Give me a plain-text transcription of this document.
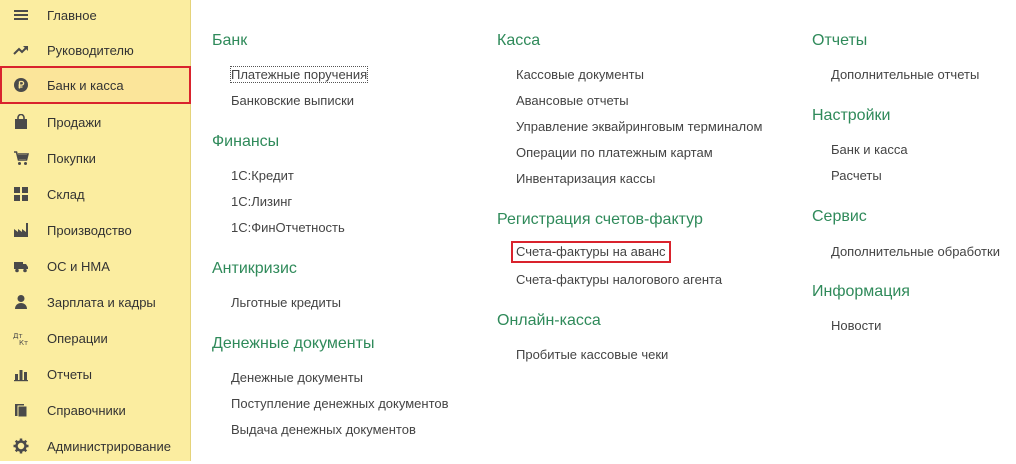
Главное
Руководителю
Банк и касса
Продажи
Покупки
Склад
Производство
ОС и НМА
Зарплата и кадры
Дт
Кт Операции
Отчеты
Справочники
Администрирование
Банк
Платежные поручения
Банковские выписки
Финансы
1С:Кредит
1С:Лизинг
1С:ФинОтчетность
Антикризис
Льготные кредиты
Денежные документы
Денежные документы
Поступление денежных документов
Выдача денежных документов
Касса
Кассовые документы
Авансовые отчеты
Управление эквайринговым терминалом
Операции по платежным картам
Инвентаризация кассы
Регистрация счетов-фактур
Счета-фактуры на аванс
Счета-фактуры налогового агента
Онлайн-касса
Пробитые кассовые чеки
Отчеты
Дополнительные отчеты
Настройки
Банк и касса
Расчеты
Сервис
Дополнительные обработки
Информация
Новости
